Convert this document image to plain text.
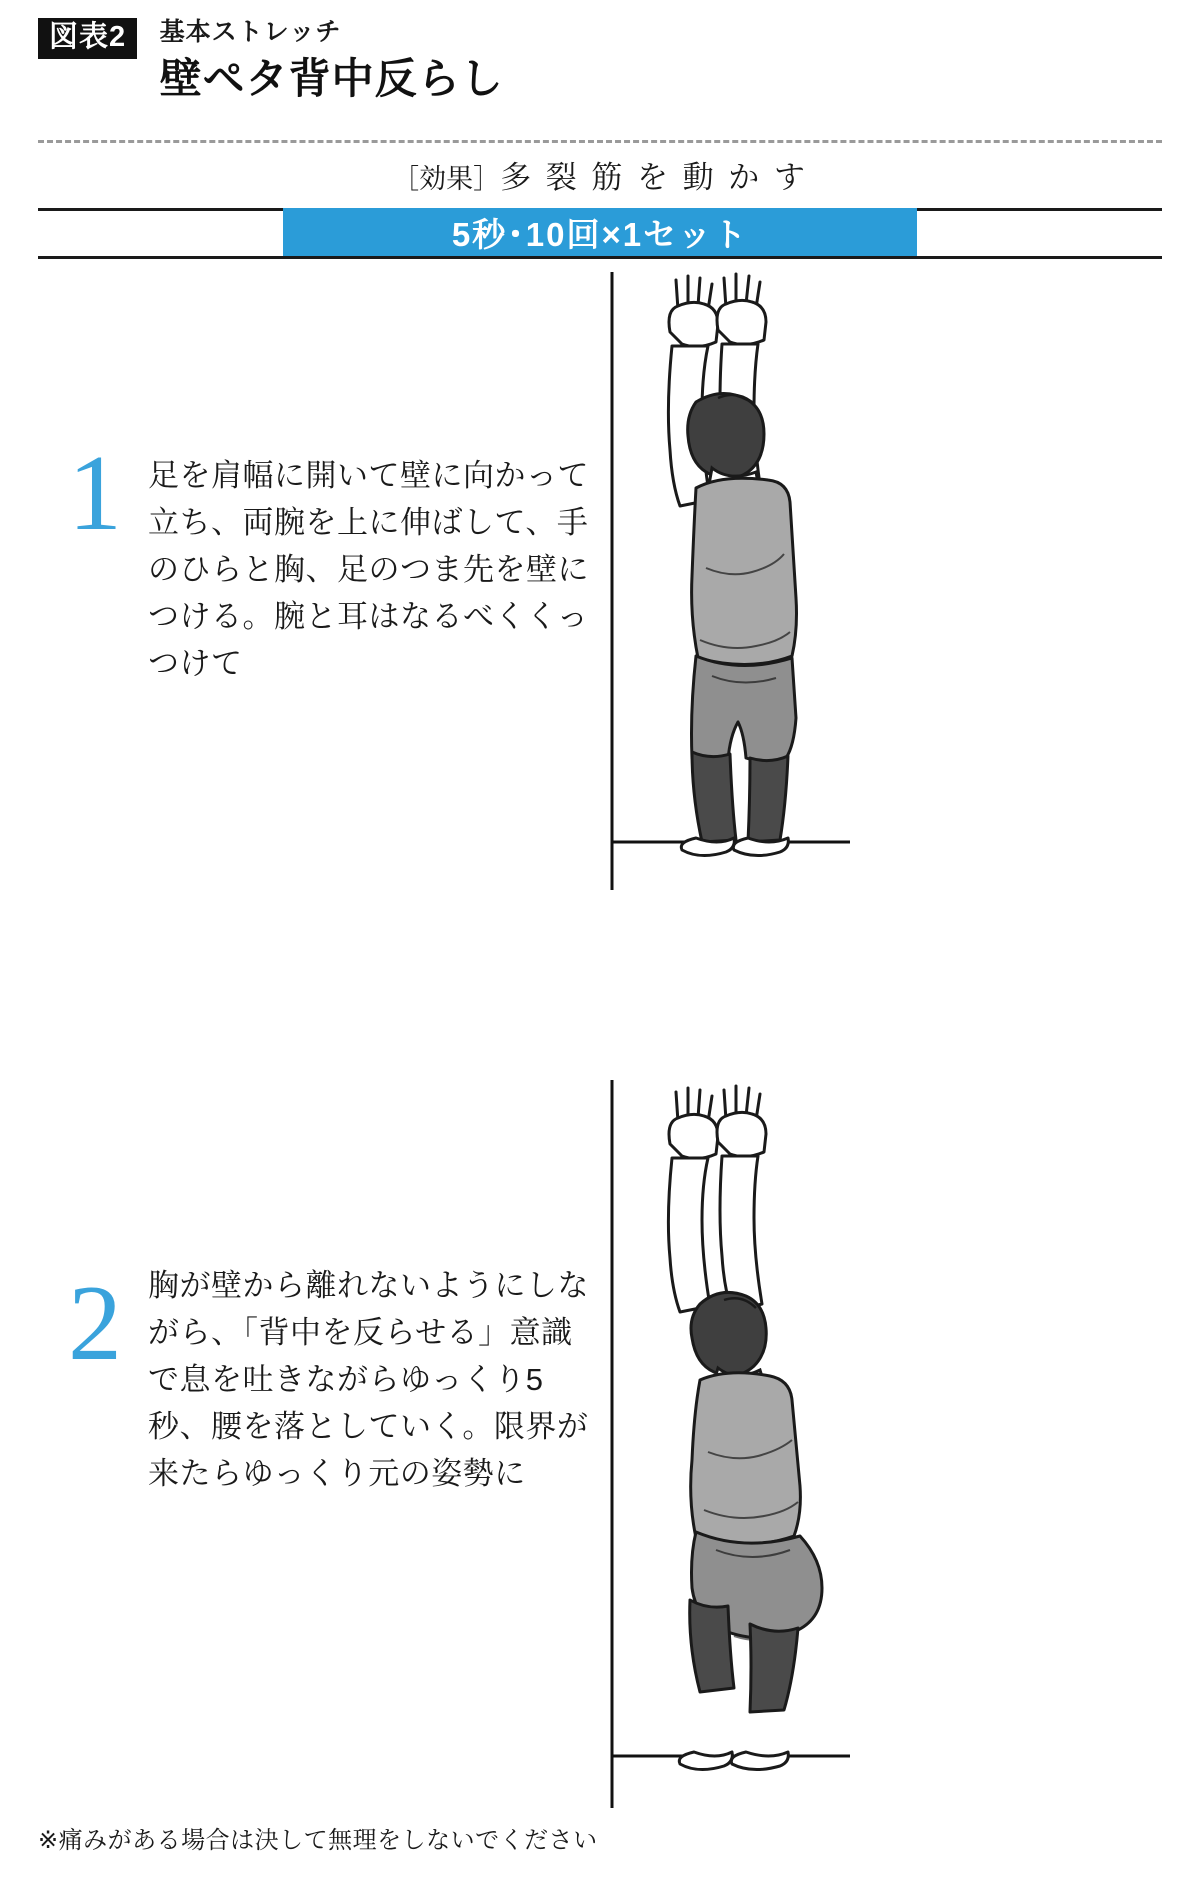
図表2 基本ストレッチ
壁ペタ背中反らし
［効果］多 裂 筋 を 動 か す
5秒･10回×1セット
1 足を肩幅に開いて壁に向かって立ち、両腕を上に伸ばして、手のひらと胸、足のつま先を壁につける。腕と耳はなるべくくっつけて
2 胸が壁から離れないようにしながら、「背中を反らせる」意識で息を吐きながらゆっくり5秒、腰を落としていく。限界が来たらゆっくり元の姿勢に
※痛みがある場合は決して無理をしないでください
